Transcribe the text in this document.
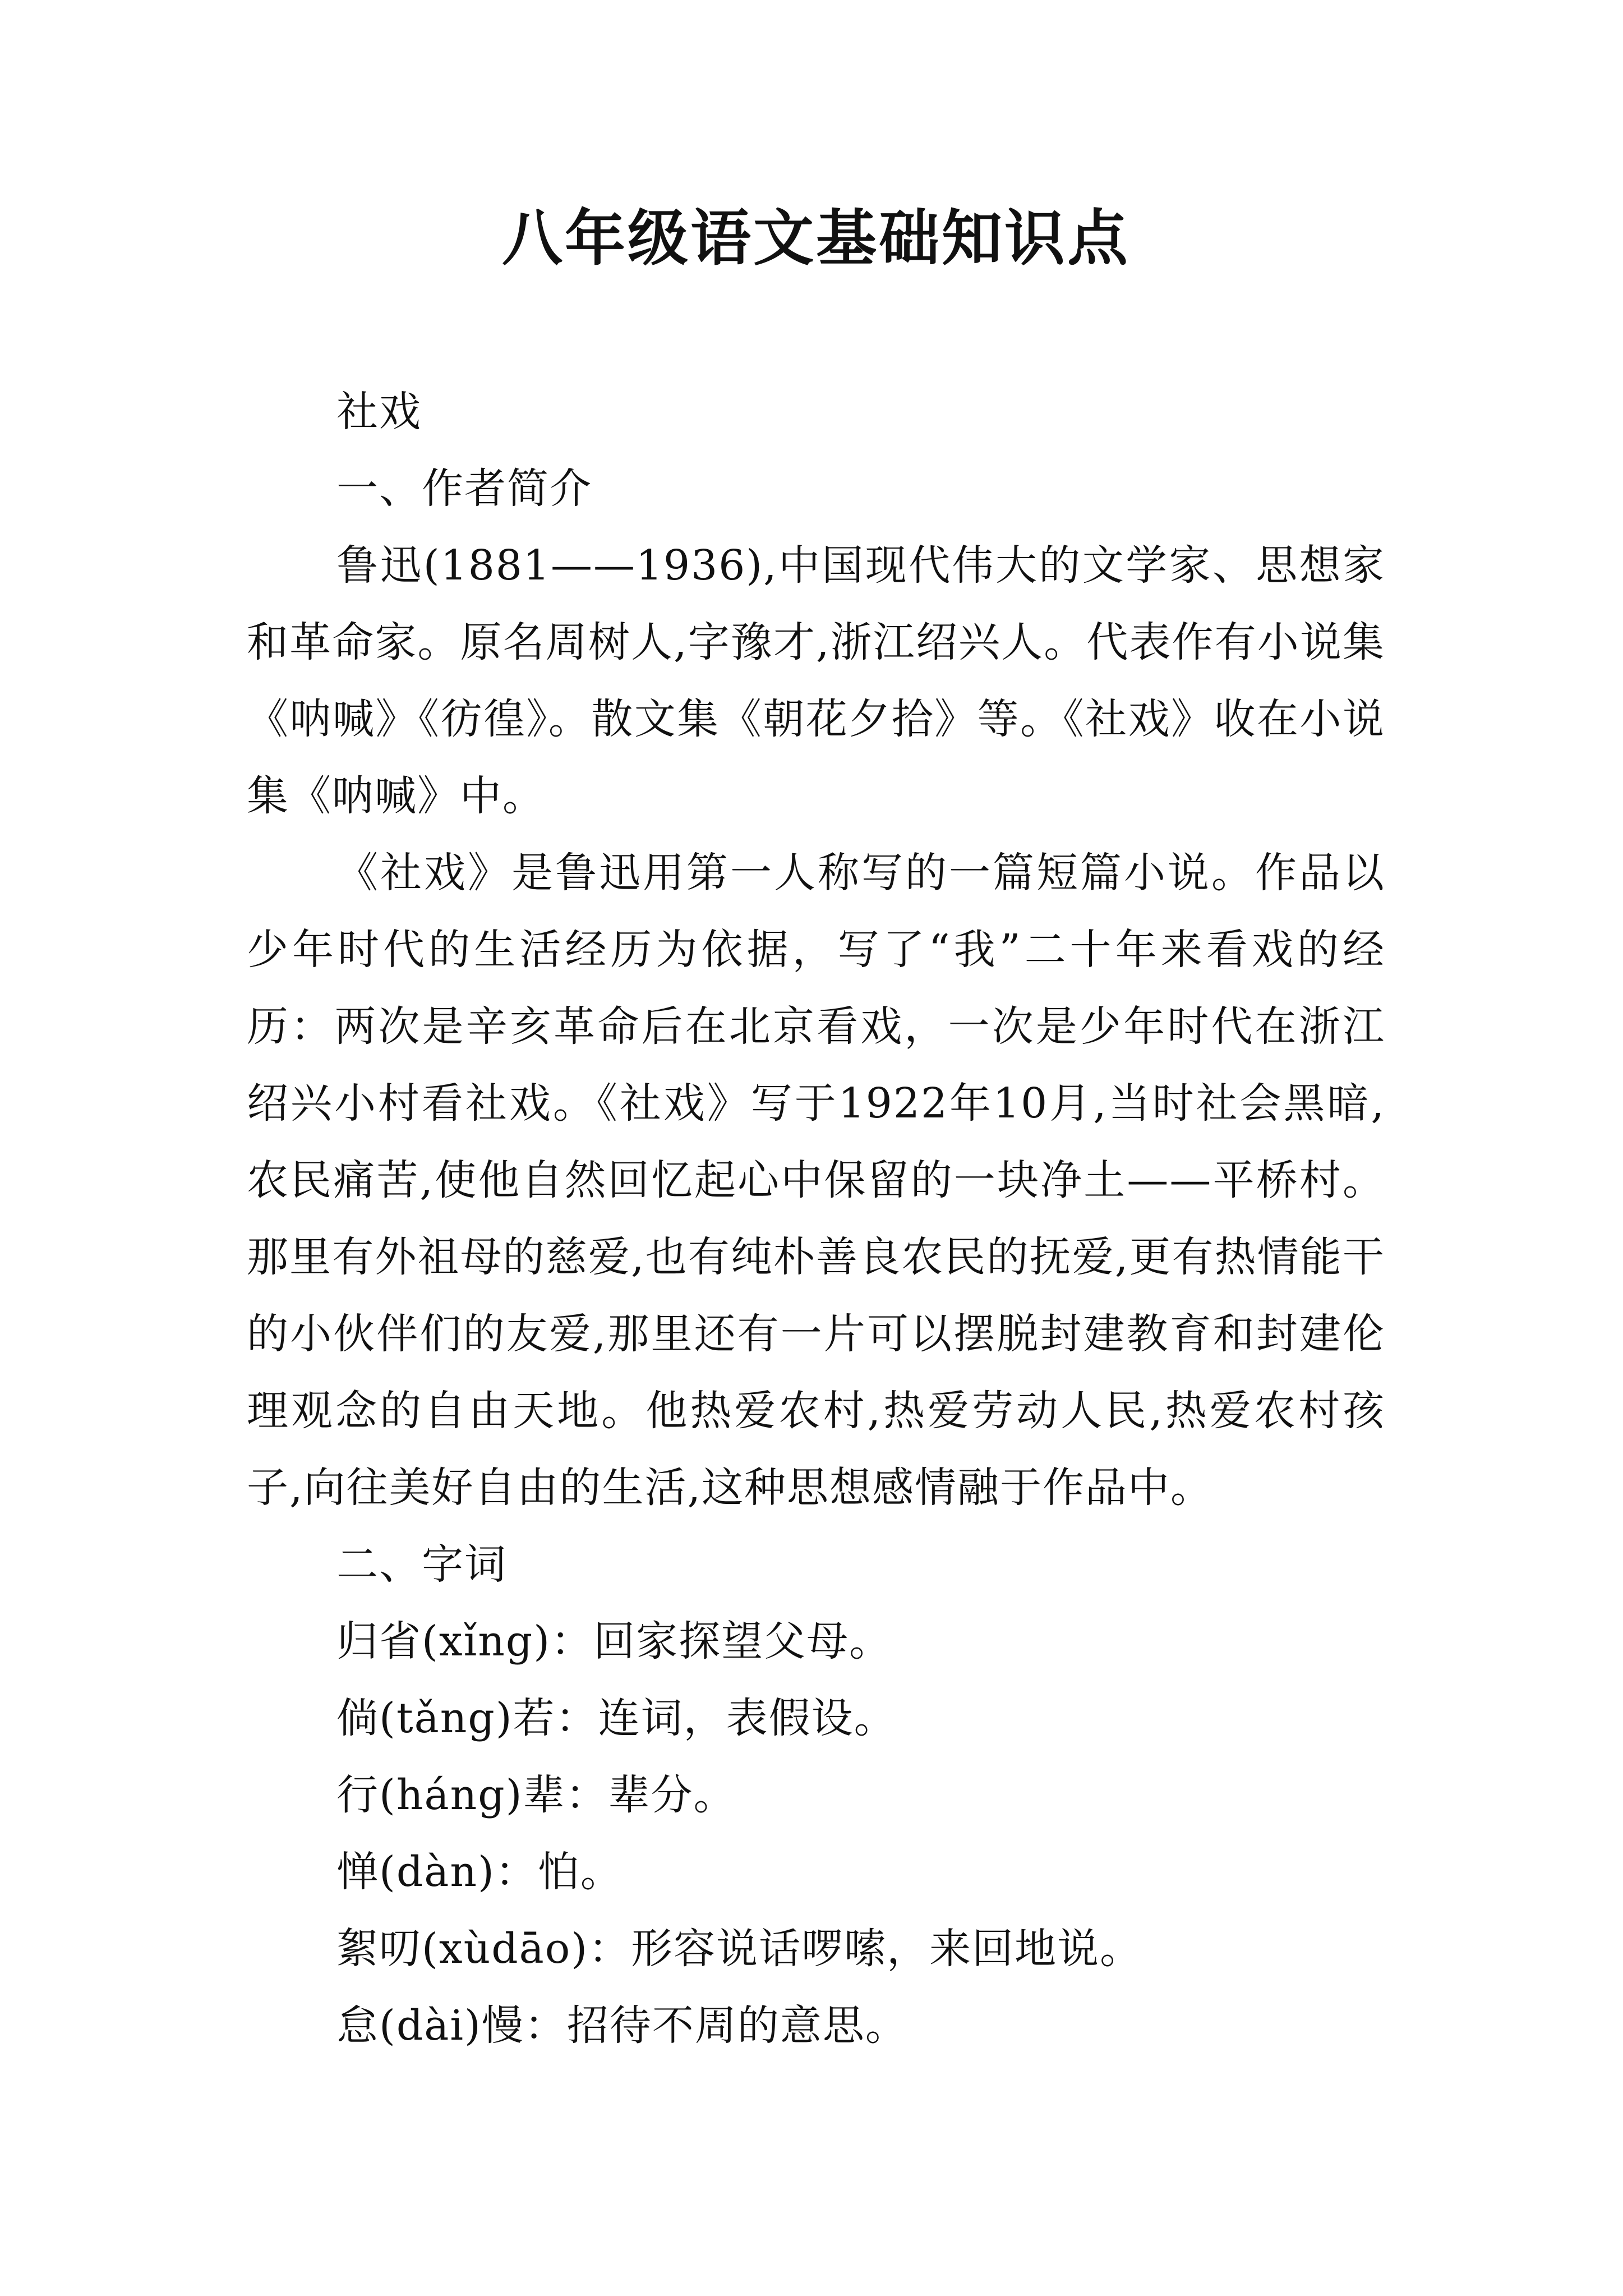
八年级语文基础知识点

社戏

一、作者简介

鲁迅(1881——1936),中国现代伟大的文学家、思想家和革命家。原名周树人,字豫才,浙江绍兴人。代表作有小说集《呐喊》《彷徨》。散文集《朝花夕拾》等。《社戏》收在小说集《呐喊》中。

《社戏》是鲁迅用第一人称写的一篇短篇小说。作品以少年时代的生活经历为依据，写了“我”二十年来看戏的经历：两次是辛亥革命后在北京看戏，一次是少年时代在浙江绍兴小村看社戏。《社戏》写于1922年10月,当时社会黑暗,农民痛苦,使他自然回忆起心中保留的一块净土——平桥村。那里有外祖母的慈爱,也有纯朴善良农民的抚爱,更有热情能干的小伙伴们的友爱,那里还有一片可以摆脱封建教育和封建伦理观念的自由天地。他热爱农村,热爱劳动人民,热爱农村孩子,向往美好自由的生活,这种思想感情融于作品中。

二、字词

归省(xǐng)：回家探望父母。

倘(tǎng)若：连词，表假设。

行(háng)辈：辈分。

惮(dàn)：怕。

絮叨(xùdāo)：形容说话啰嗦，来回地说。

怠(dài)慢：招待不周的意思。
